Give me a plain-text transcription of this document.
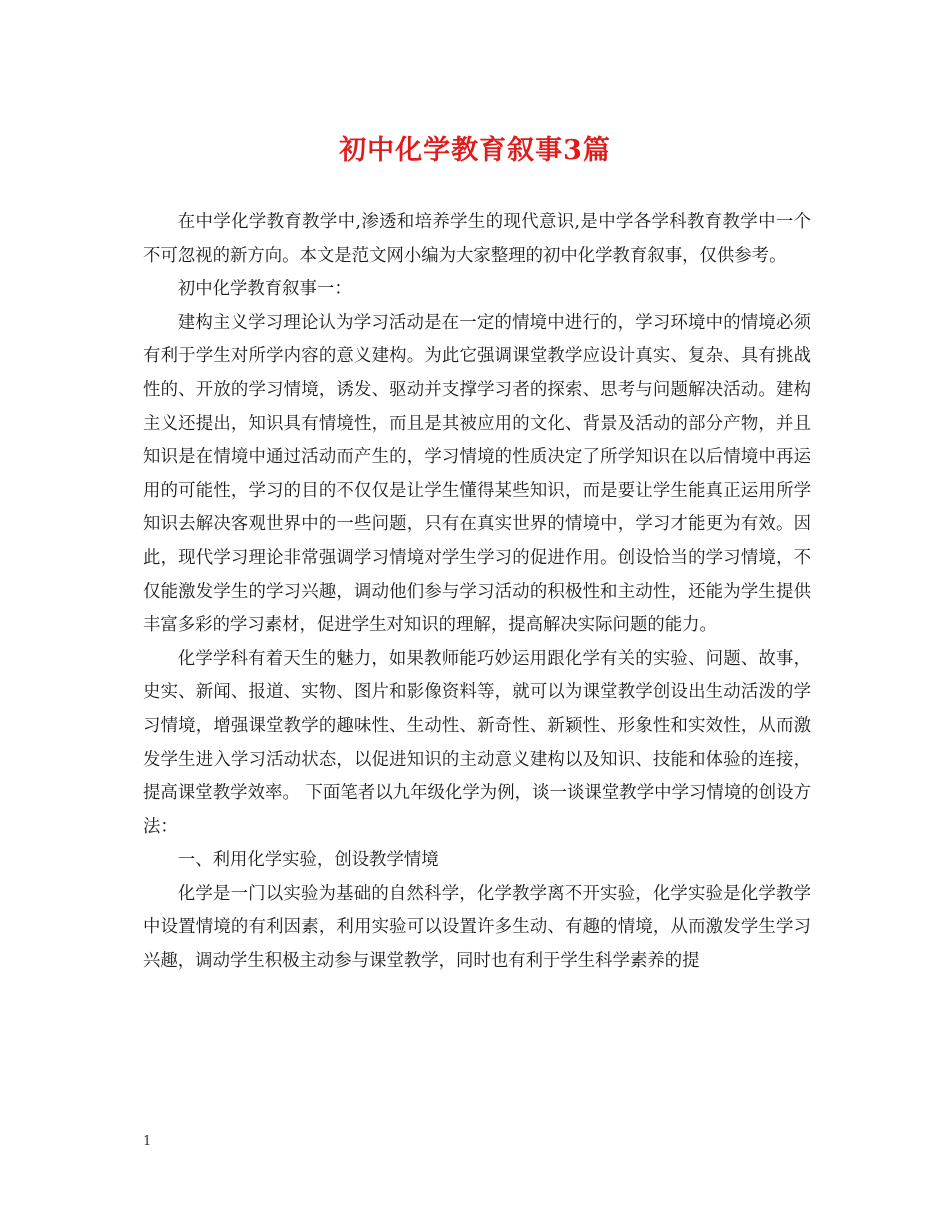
初中化学教育叙事3篇

在中学化学教育教学中,渗透和培养学生的现代意识,是中学各学科教育教学中一个不可忽视的新方向。本文是范文网小编为大家整理的初中化学教育叙事，仅供参考。

初中化学教育叙事一：

建构主义学习理论认为学习活动是在一定的情境中进行的，学习环境中的情境必须有利于学生对所学内容的意义建构。为此它强调课堂教学应设计真实、复杂、具有挑战性的、开放的学习情境，诱发、驱动并支撑学习者的探索、思考与问题解决活动。建构主义还提出，知识具有情境性，而且是其被应用的文化、背景及活动的部分产物，并且知识是在情境中通过活动而产生的，学习情境的性质决定了所学知识在以后情境中再运用的可能性，学习的目的不仅仅是让学生懂得某些知识，而是要让学生能真正运用所学知识去解决客观世界中的一些问题，只有在真实世界的情境中，学习才能更为有效。因此，现代学习理论非常强调学习情境对学生学习的促进作用。创设恰当的学习情境，不仅能激发学生的学习兴趣，调动他们参与学习活动的积极性和主动性，还能为学生提供丰富多彩的学习素材，促进学生对知识的理解，提高解决实际问题的能力。

化学学科有着天生的魅力，如果教师能巧妙运用跟化学有关的实验、问题、故事，史实、新闻、报道、实物、图片和影像资料等，就可以为课堂教学创设出生动活泼的学习情境，增强课堂教学的趣味性、生动性、新奇性、新颖性、形象性和实效性，从而激发学生进入学习活动状态，以促进知识的主动意义建构以及知识、技能和体验的连接，提高课堂教学效率。 下面笔者以九年级化学为例，谈一谈课堂教学中学习情境的创设方法：

一、利用化学实验，创设教学情境

化学是一门以实验为基础的自然科学，化学教学离不开实验，化学实验是化学教学中设置情境的有利因素，利用实验可以设置许多生动、有趣的情境，从而激发学生学习兴趣，调动学生积极主动参与课堂教学，同时也有利于学生科学素养的提

1
